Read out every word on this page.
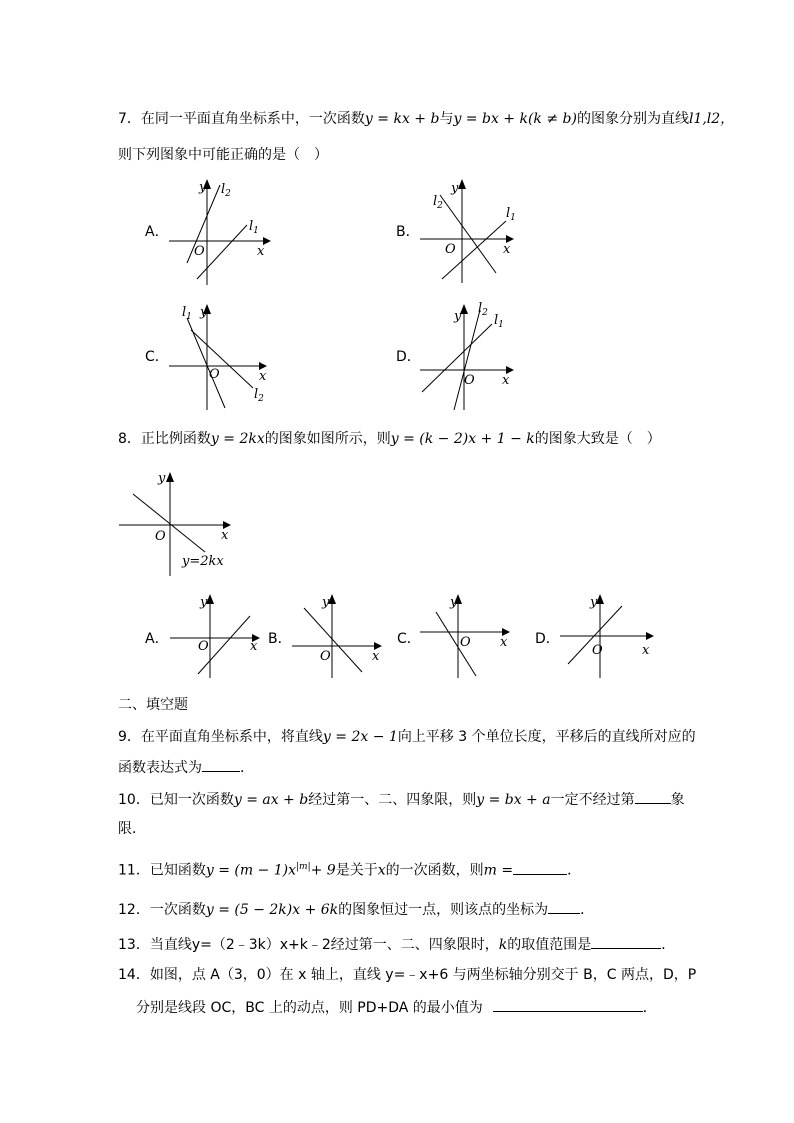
7．在同一平面直角坐标系中，一次函数y = kx + b与y = bx + k(k ≠ b)的图象分别为直线l1,l2，
则下列图象中可能正确的是（　）
A．
y $l_2$
$l_1$
O	x
B．
y
$l_2$	$l_1$
O	x
C．
$l_1$ y
O	x
$l_2$
D．
y
$l_2$ $l_1$
O x
8．正比例函数y = 2kx的图象如图所示，则y = (k − 2)x + 1 − k的图象大致是（　）
y
O	x
y=2kx
A．
y
O	x B．
y
O	x
C．
y
O x D．
y
O	x
二、填空题
9．在平面直角坐标系中，将直线y = 2x − 1向上平移 3 个单位长度，平移后的直线所对应的
函数表达式为	．
10．已知一次函数y = ax + b经过第一、二、四象限，则y = bx + a一定不经过第	象
限．
11．已知函数$y = (m - 1)x^{|m|}+ 9$是关于x的一次函数，则m =	．
12．一次函数y = (5 − 2k)x + 6k的图象恒过一点，则该点的坐标为 ．
13．当直线y=（2﹣3k）x+k﹣2经过第一、二、四象限时，k的取值范围是	．
14．如图，点 A（3，0）在 x 轴上，直线 y=﹣x+6 与两坐标轴分别交于 B，C 两点，D，P
分别是线段 OC，BC 上的动点，则 PD+DA 的最小值为	．
